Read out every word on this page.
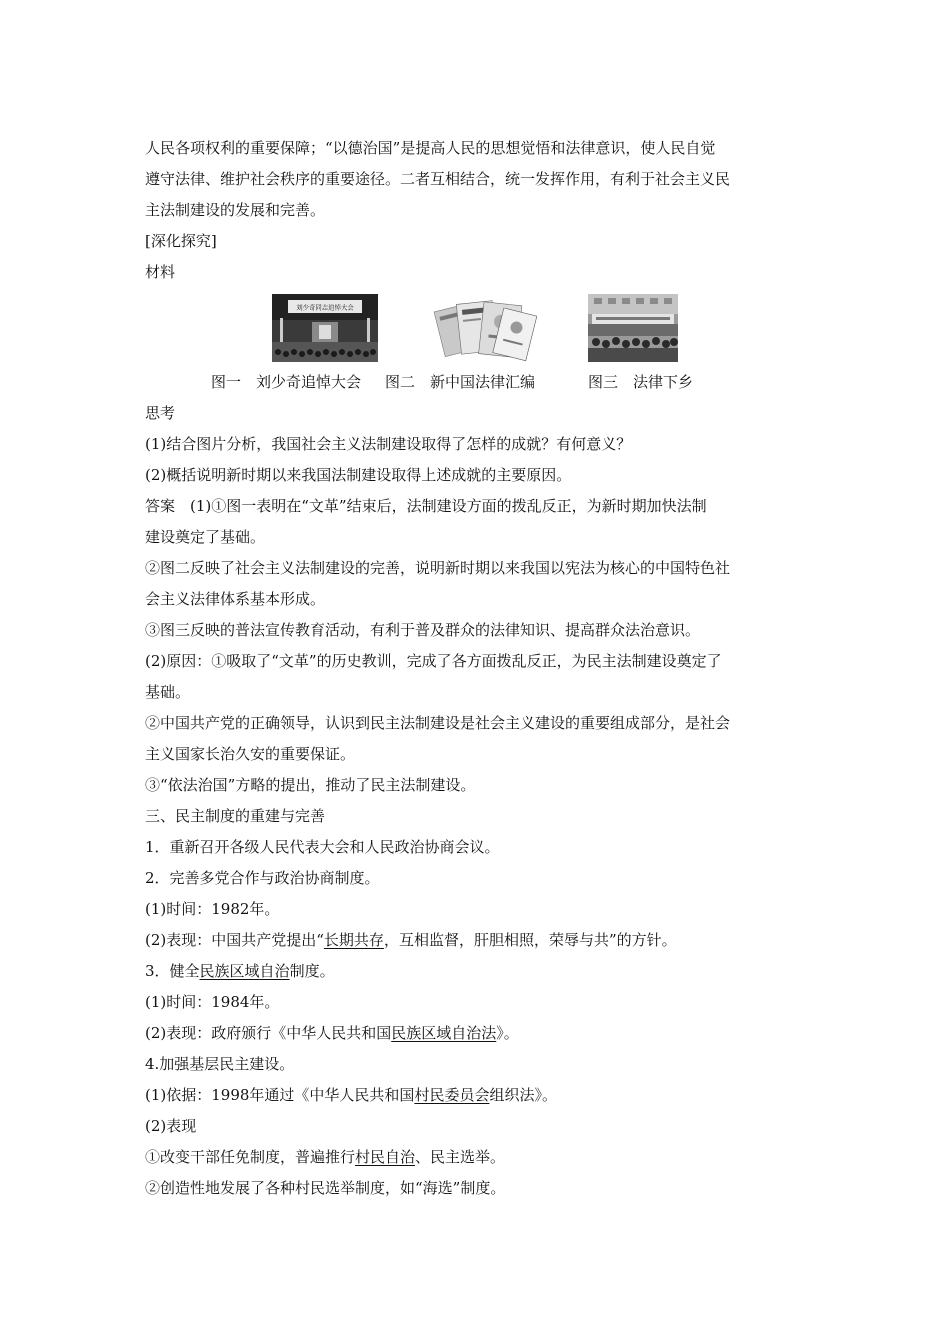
人民各项权利的重要保障；“以德治国”是提高人民的思想觉悟和法律意识，使人民自觉

遵守法律、维护社会秩序的重要途径。二者互相结合，统一发挥作用，有利于社会主义民

主法制建设的发展和完善。

[深化探究]

材料

刘少奇同志追悼大会
图一　刘少奇追悼大会 图二　新中国法律汇编	图三　法律下乡

思考

(1)结合图片分析，我国社会主义法制建设取得了怎样的成就？有何意义？

(2)概括说明新时期以来我国法制建设取得上述成就的主要原因。

答案　(1)①图一表明在“文革”结束后，法制建设方面的拨乱反正，为新时期加快法制

建设奠定了基础。

②图二反映了社会主义法制建设的完善，说明新时期以来我国以宪法为核心的中国特色社

会主义法律体系基本形成。

③图三反映的普法宣传教育活动，有利于普及群众的法律知识、提高群众法治意识。

(2)原因：①吸取了“文革”的历史教训，完成了各方面拨乱反正，为民主法制建设奠定了

基础。

②中国共产党的正确领导，认识到民主法制建设是社会主义建设的重要组成部分，是社会

主义国家长治久安的重要保证。

③“依法治国”方略的提出，推动了民主法制建设。

三、民主制度的重建与完善

1．重新召开各级人民代表大会和人民政治协商会议。

2．完善多党合作与政治协商制度。

(1)时间：1982年。

(2)表现：中国共产党提出“长期共存，互相监督，肝胆相照，荣辱与共”的方针。

3．健全民族区域自治制度。

(1)时间：1984年。

(2)表现：政府颁行《中华人民共和国民族区域自治法》。

4.加强基层民主建设。

(1)依据：1998年通过《中华人民共和国村民委员会组织法》。

(2)表现

①改变干部任免制度，普遍推行村民自治、民主选举。

②创造性地发展了各种村民选举制度，如“海选”制度。
